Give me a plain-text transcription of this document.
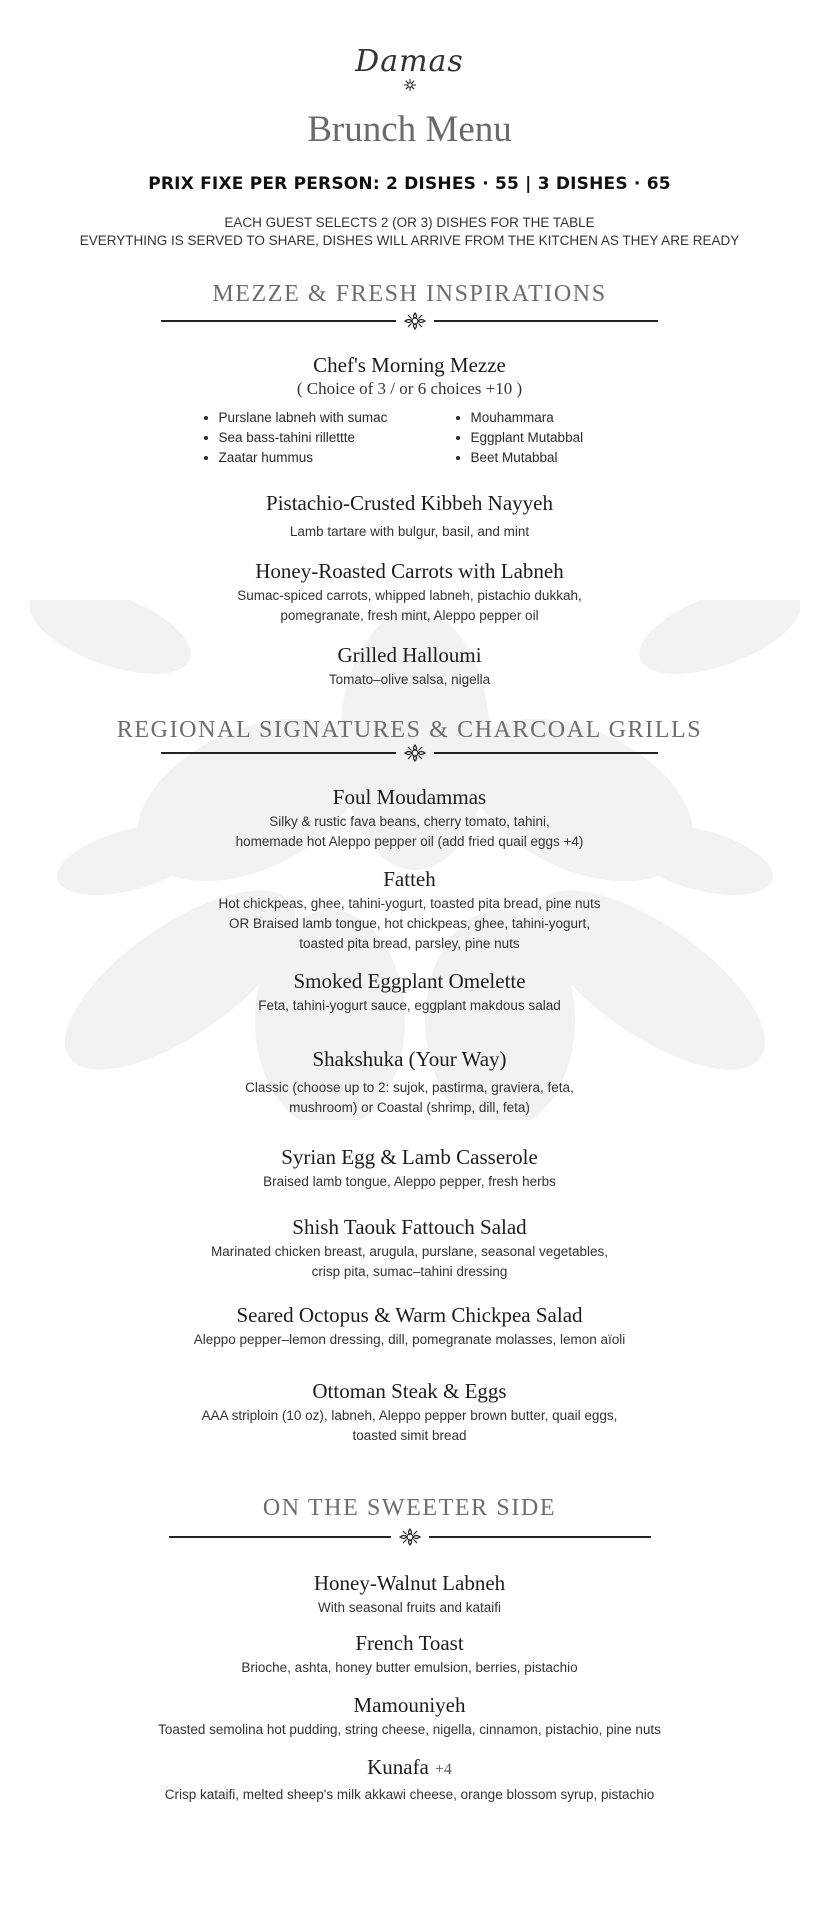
Damas
Brunch Menu
PRIX FIXE PER PERSON: 2 DISHES · 55 | 3 DISHES · 65
EACH GUEST SELECTS 2 (OR 3) DISHES FOR THE TABLE
EVERYTHING IS SERVED TO SHARE, DISHES WILL ARRIVE FROM THE KITCHEN AS THEY ARE READY
MEZZE & FRESH INSPIRATIONS
Chef's Morning Mezze
( Choice of 3 / or 6 choices +10 )
• Purslane labneh with sumac
• Sea bass-tahini rillettte
• Zaatar hummus
• Mouhammara
• Eggplant Mutabbal
• Beet Mutabbal
Pistachio-Crusted Kibbeh Nayyeh
Lamb tartare with bulgur, basil, and mint
Honey-Roasted Carrots with Labneh
Sumac-spiced carrots, whipped labneh, pistachio dukkah,
pomegranate, fresh mint, Aleppo pepper oil
Grilled Halloumi
Tomato–olive salsa, nigella
REGIONAL SIGNATURES & CHARCOAL GRILLS
Foul Moudammas
Silky & rustic fava beans, cherry tomato, tahini,
homemade hot Aleppo pepper oil (add fried quail eggs +4)
Fatteh
Hot chickpeas, ghee, tahini-yogurt, toasted pita bread, pine nuts
OR Braised lamb tongue, hot chickpeas, ghee, tahini-yogurt,
toasted pita bread, parsley, pine nuts
Smoked Eggplant Omelette
Feta, tahini-yogurt sauce, eggplant makdous salad
Shakshuka (Your Way)
Classic (choose up to 2: sujok, pastirma, graviera, feta,
mushroom) or Coastal (shrimp, dill, feta)
Syrian Egg & Lamb Casserole
Braised lamb tongue, Aleppo pepper, fresh herbs
Shish Taouk Fattouch Salad
Marinated chicken breast, arugula, purslane, seasonal vegetables,
crisp pita, sumac–tahini dressing
Seared Octopus & Warm Chickpea Salad
Aleppo pepper–lemon dressing, dill, pomegranate molasses, lemon aïoli
Ottoman Steak & Eggs
AAA striploin (10 oz), labneh, Aleppo pepper brown butter, quail eggs,
toasted simit bread
ON THE SWEETER SIDE
Honey-Walnut Labneh
With seasonal fruits and kataifi
French Toast
Brioche, ashta, honey butter emulsion, berries, pistachio
Mamouniyeh
Toasted semolina hot pudding, string cheese, nigella, cinnamon, pistachio, pine nuts
Kunafa +4
Crisp kataifi, melted sheep's milk akkawi cheese, orange blossom syrup, pistachio
